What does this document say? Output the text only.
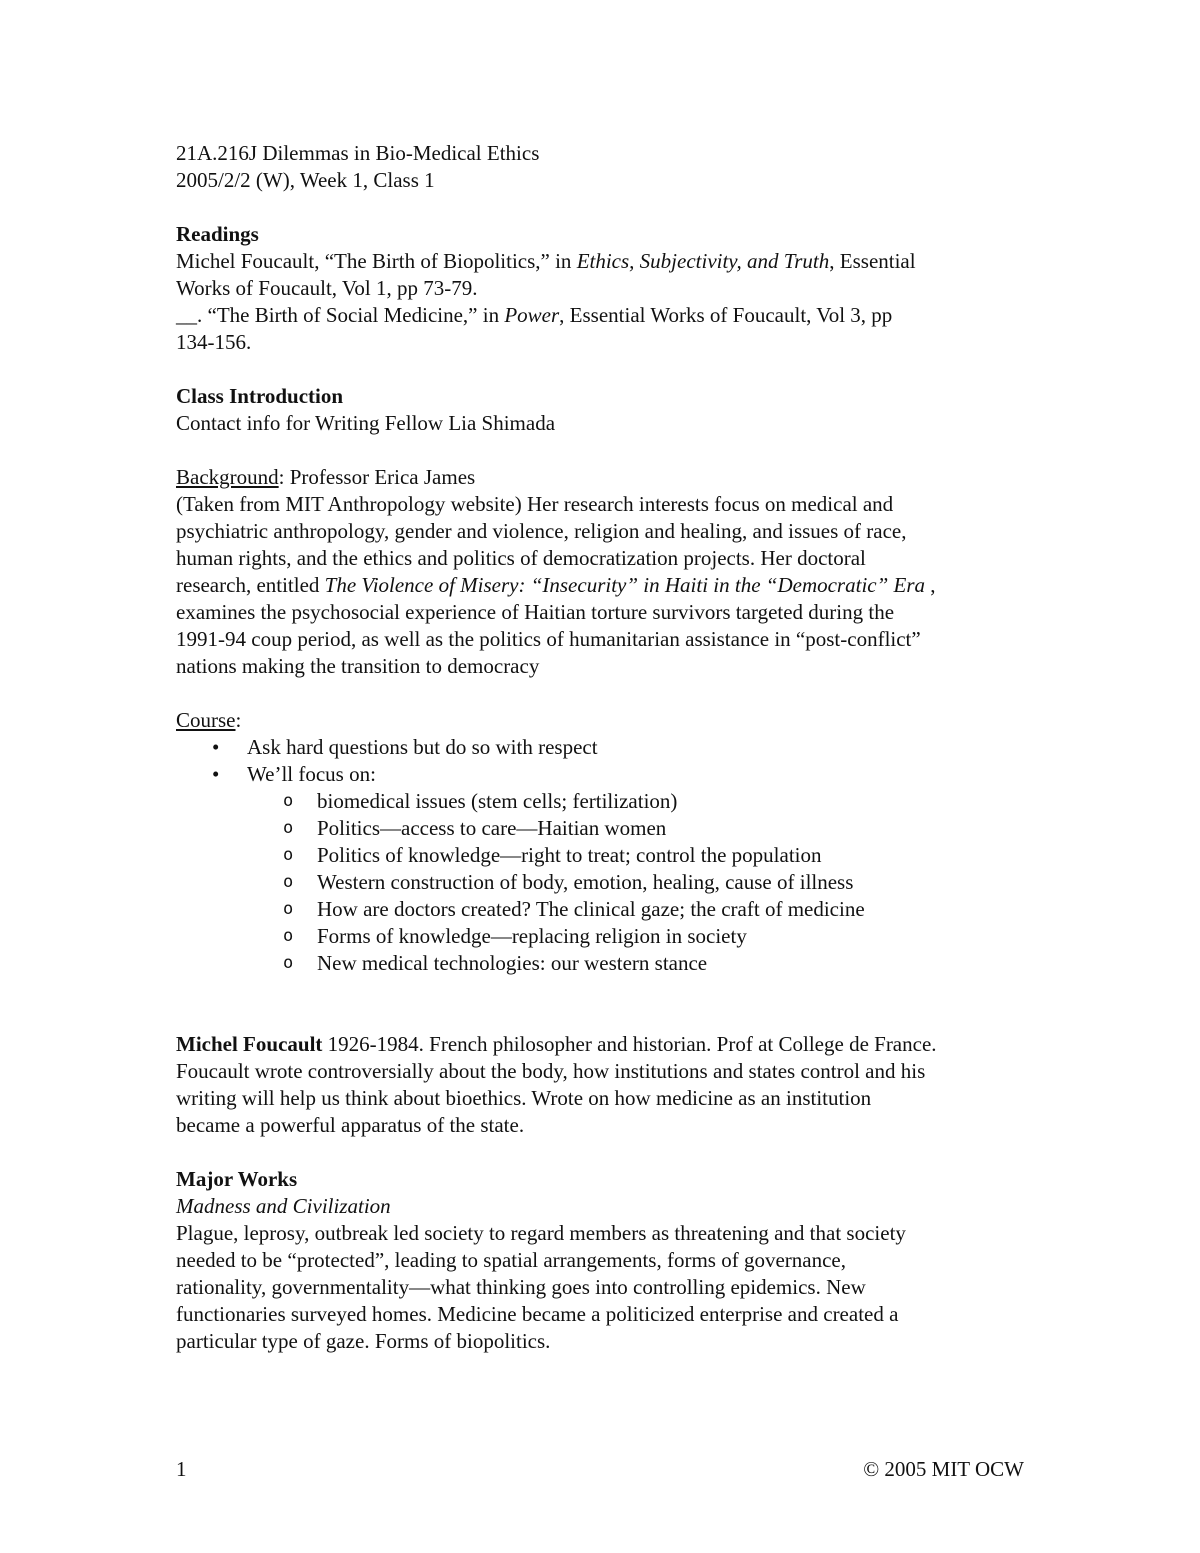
21A.216J Dilemmas in Bio-Medical Ethics
2005/2/2 (W), Week 1, Class 1
Readings
Michel Foucault, “The Birth of Biopolitics,” in Ethics, Subjectivity, and Truth, Essential
Works of Foucault, Vol 1, pp 73-79.
__. “The Birth of Social Medicine,” in Power, Essential Works of Foucault, Vol 3, pp
134-156.
Class Introduction
Contact info for Writing Fellow Lia Shimada
Background: Professor Erica James
(Taken from MIT Anthropology website) Her research interests focus on medical and
psychiatric anthropology, gender and violence, religion and healing, and issues of race,
human rights, and the ethics and politics of democratization projects. Her doctoral
research, entitled The Violence of Misery: “Insecurity” in Haiti in the “Democratic” Era ,
examines the psychosocial experience of Haitian torture survivors targeted during the
1991-94 coup period, as well as the politics of humanitarian assistance in “post-conflict”
nations making the transition to democracy
Course:
• Ask hard questions but do so with respect
• We’ll focus on:
o biomedical issues (stem cells; fertilization)
o Politics—access to care—Haitian women
o Politics of knowledge—right to treat; control the population
o Western construction of body, emotion, healing, cause of illness
o How are doctors created? The clinical gaze; the craft of medicine
o Forms of knowledge—replacing religion in society
o New medical technologies: our western stance
Michel Foucault 1926-1984. French philosopher and historian. Prof at College de France.
Foucault wrote controversially about the body, how institutions and states control and his
writing will help us think about bioethics. Wrote on how medicine as an institution
became a powerful apparatus of the state.
Major Works
Madness and Civilization
Plague, leprosy, outbreak led society to regard members as threatening and that society
needed to be “protected”, leading to spatial arrangements, forms of governance,
rationality, governmentality—what thinking goes into controlling epidemics. New
functionaries surveyed homes. Medicine became a politicized enterprise and created a
particular type of gaze. Forms of biopolitics.
1	© 2005 MIT OCW
